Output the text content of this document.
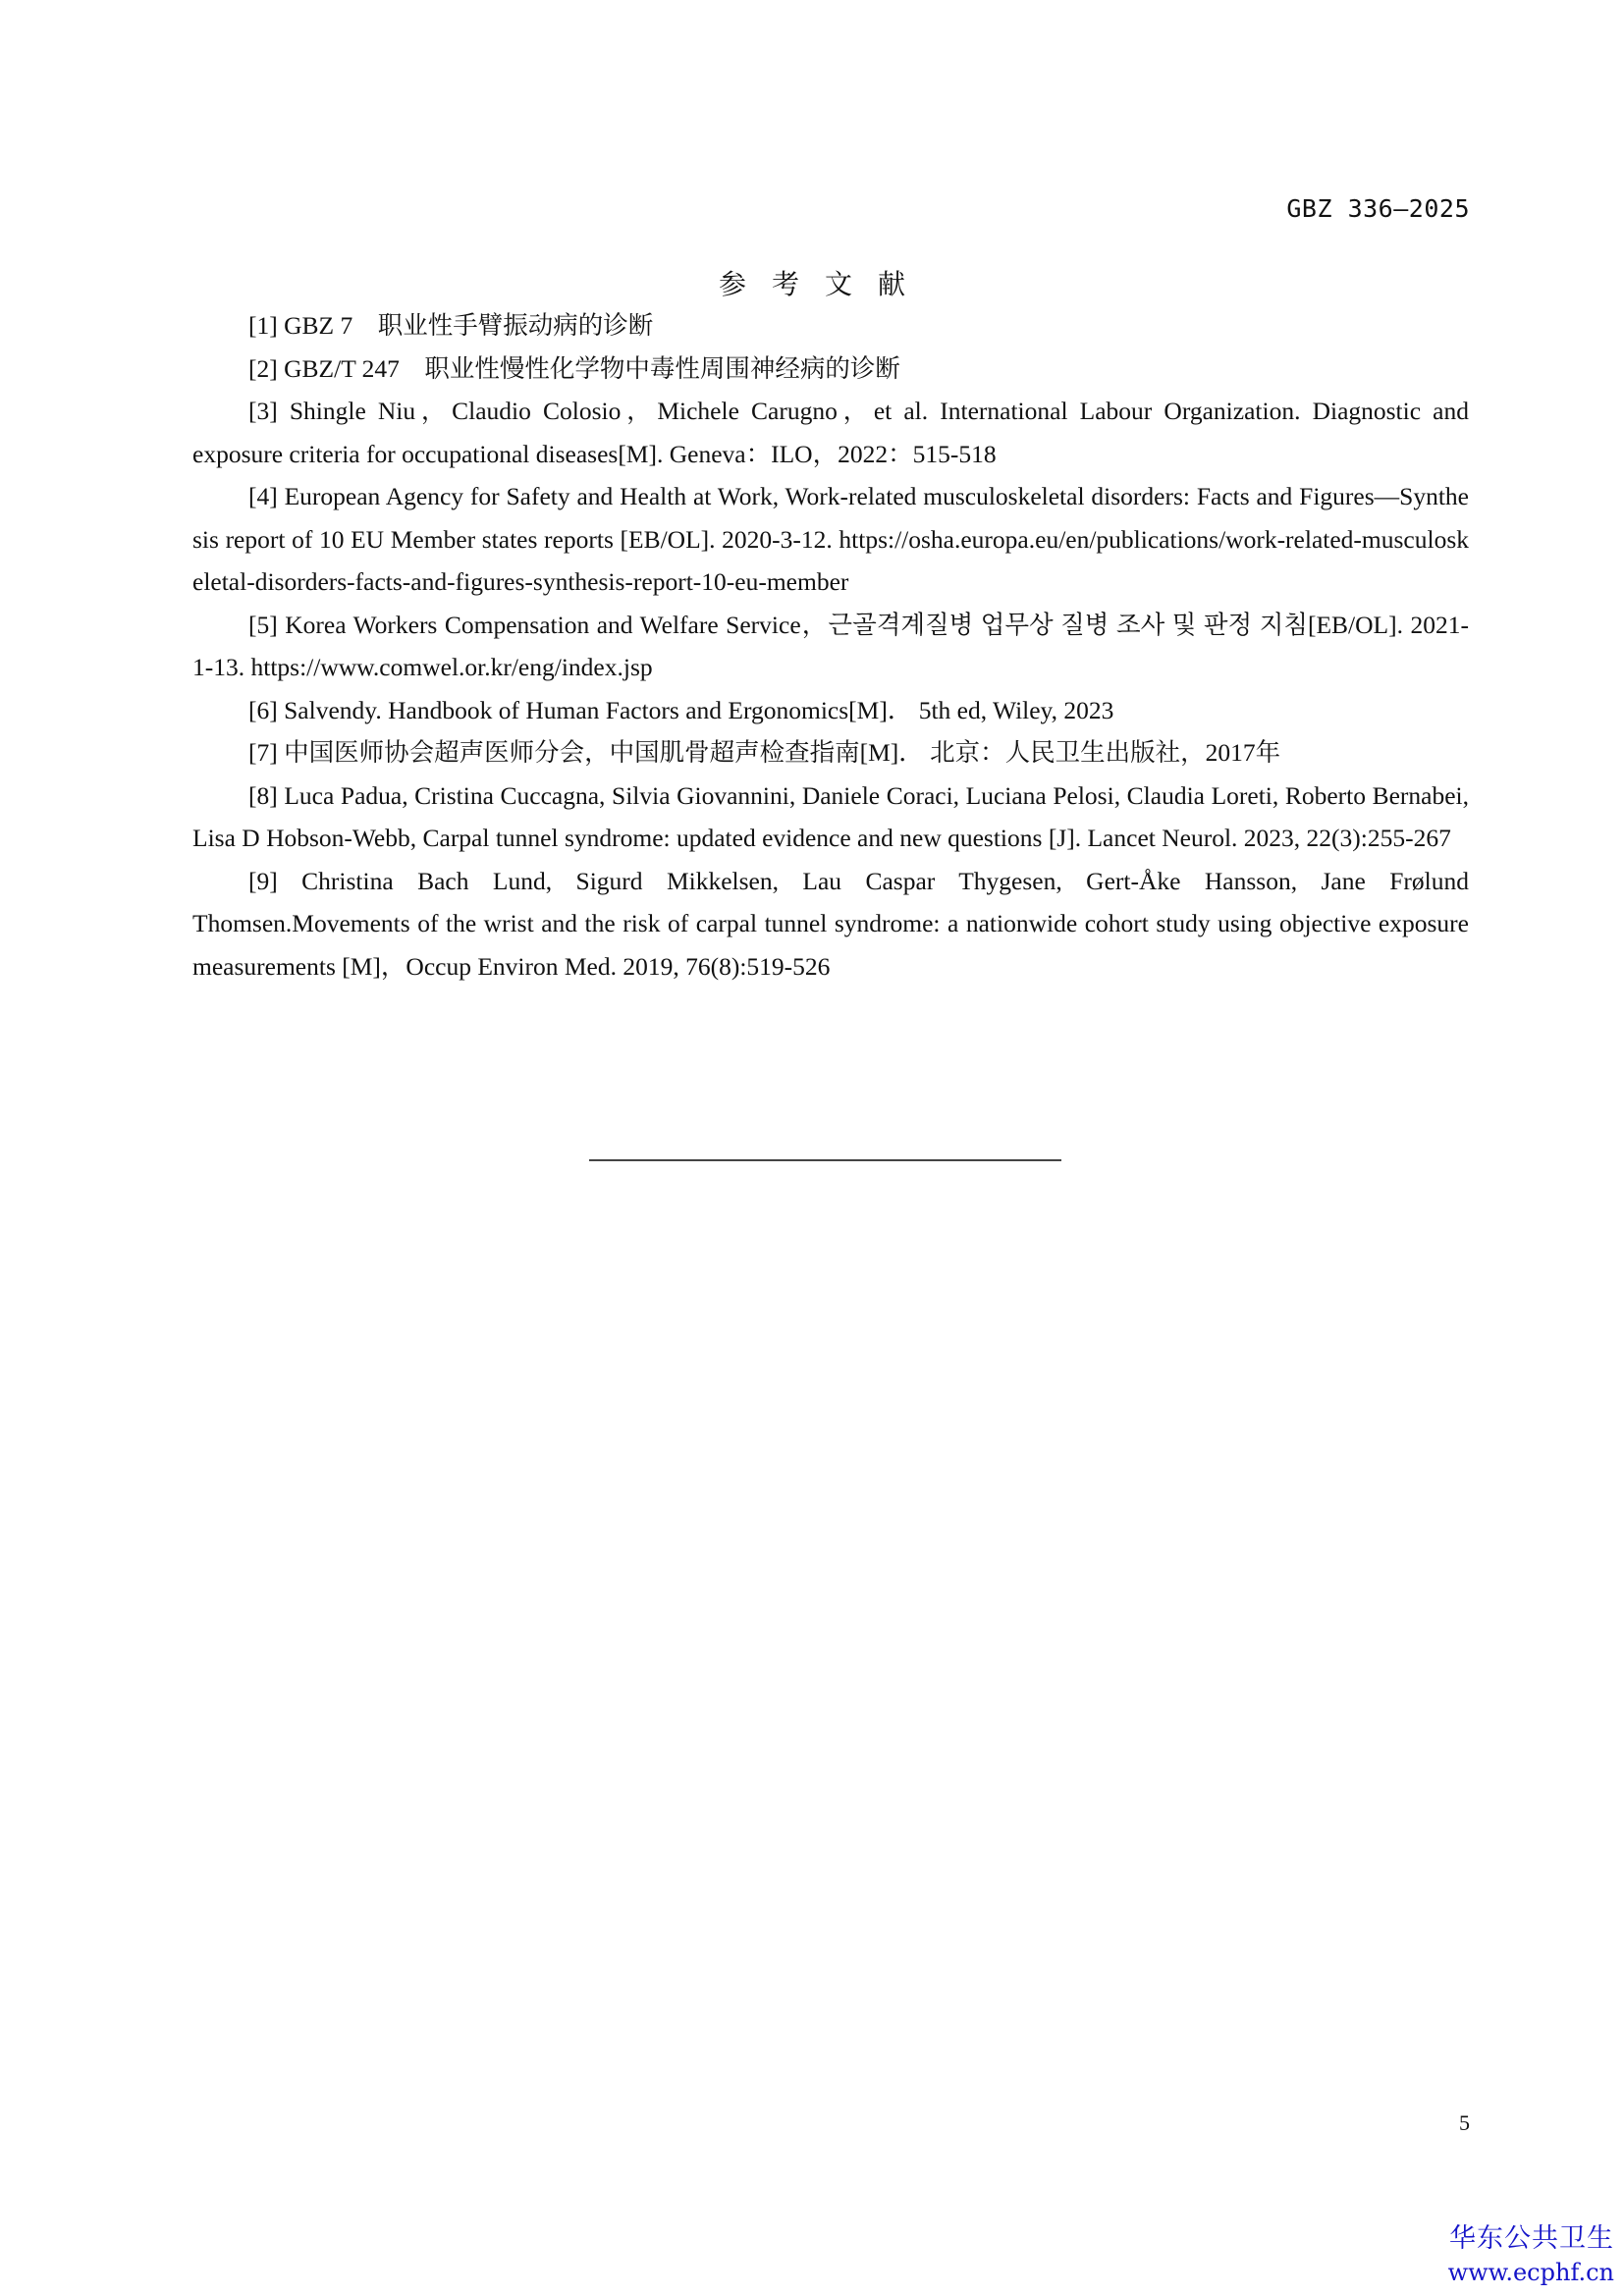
GBZ 336—2025
参考文献

[1] GBZ 7　职业性手臂振动病的诊断

[2] GBZ/T 247　职业性慢性化学物中毒性周围神经病的诊断

[3] Shingle Niu，Claudio Colosio，Michele Carugno，et al. International Labour Organization. Diagnostic and exposure criteria for occupational diseases[M]. Geneva：ILO，2022：515-518

[4] European Agency for Safety and Health at Work, Work-related musculoskeletal disorders: Facts and Figures—Synthesis report of 10 EU Member states reports [EB/OL]. 2020-3-12. https://osha.europa.eu/en/publications/work-related-musculoskeletal-disorders-facts-and-figures-synthesis-report-10-eu-member

[5] Korea Workers Compensation and Welfare Service，근골격계질병 업무상 질병 조사 및 판정 지침[EB/OL]. 2021-1-13. https://www.comwel.or.kr/eng/index.jsp

[6] Salvendy. Handbook of Human Factors and Ergonomics[M]． 5th ed, Wiley, 2023

[7] 中国医师协会超声医师分会，中国肌骨超声检查指南[M]． 北京：人民卫生出版社，2017年

[8] Luca Padua, Cristina Cuccagna, Silvia Giovannini, Daniele Coraci, Luciana Pelosi, Claudia Loreti, Roberto Bernabei, Lisa D Hobson-Webb, Carpal tunnel syndrome: updated evidence and new questions [J]. Lancet Neurol. 2023, 22(3):255-267

[9] Christina Bach Lund, Sigurd Mikkelsen, Lau Caspar Thygesen, Gert-Åke Hansson, Jane Frølund Thomsen.Movements of the wrist and the risk of carpal tunnel syndrome: a nationwide cohort study using objective exposure measurements [M]，Occup Environ Med. 2019, 76(8):519-526

5
华东公共卫生
www.ecphf.cn
